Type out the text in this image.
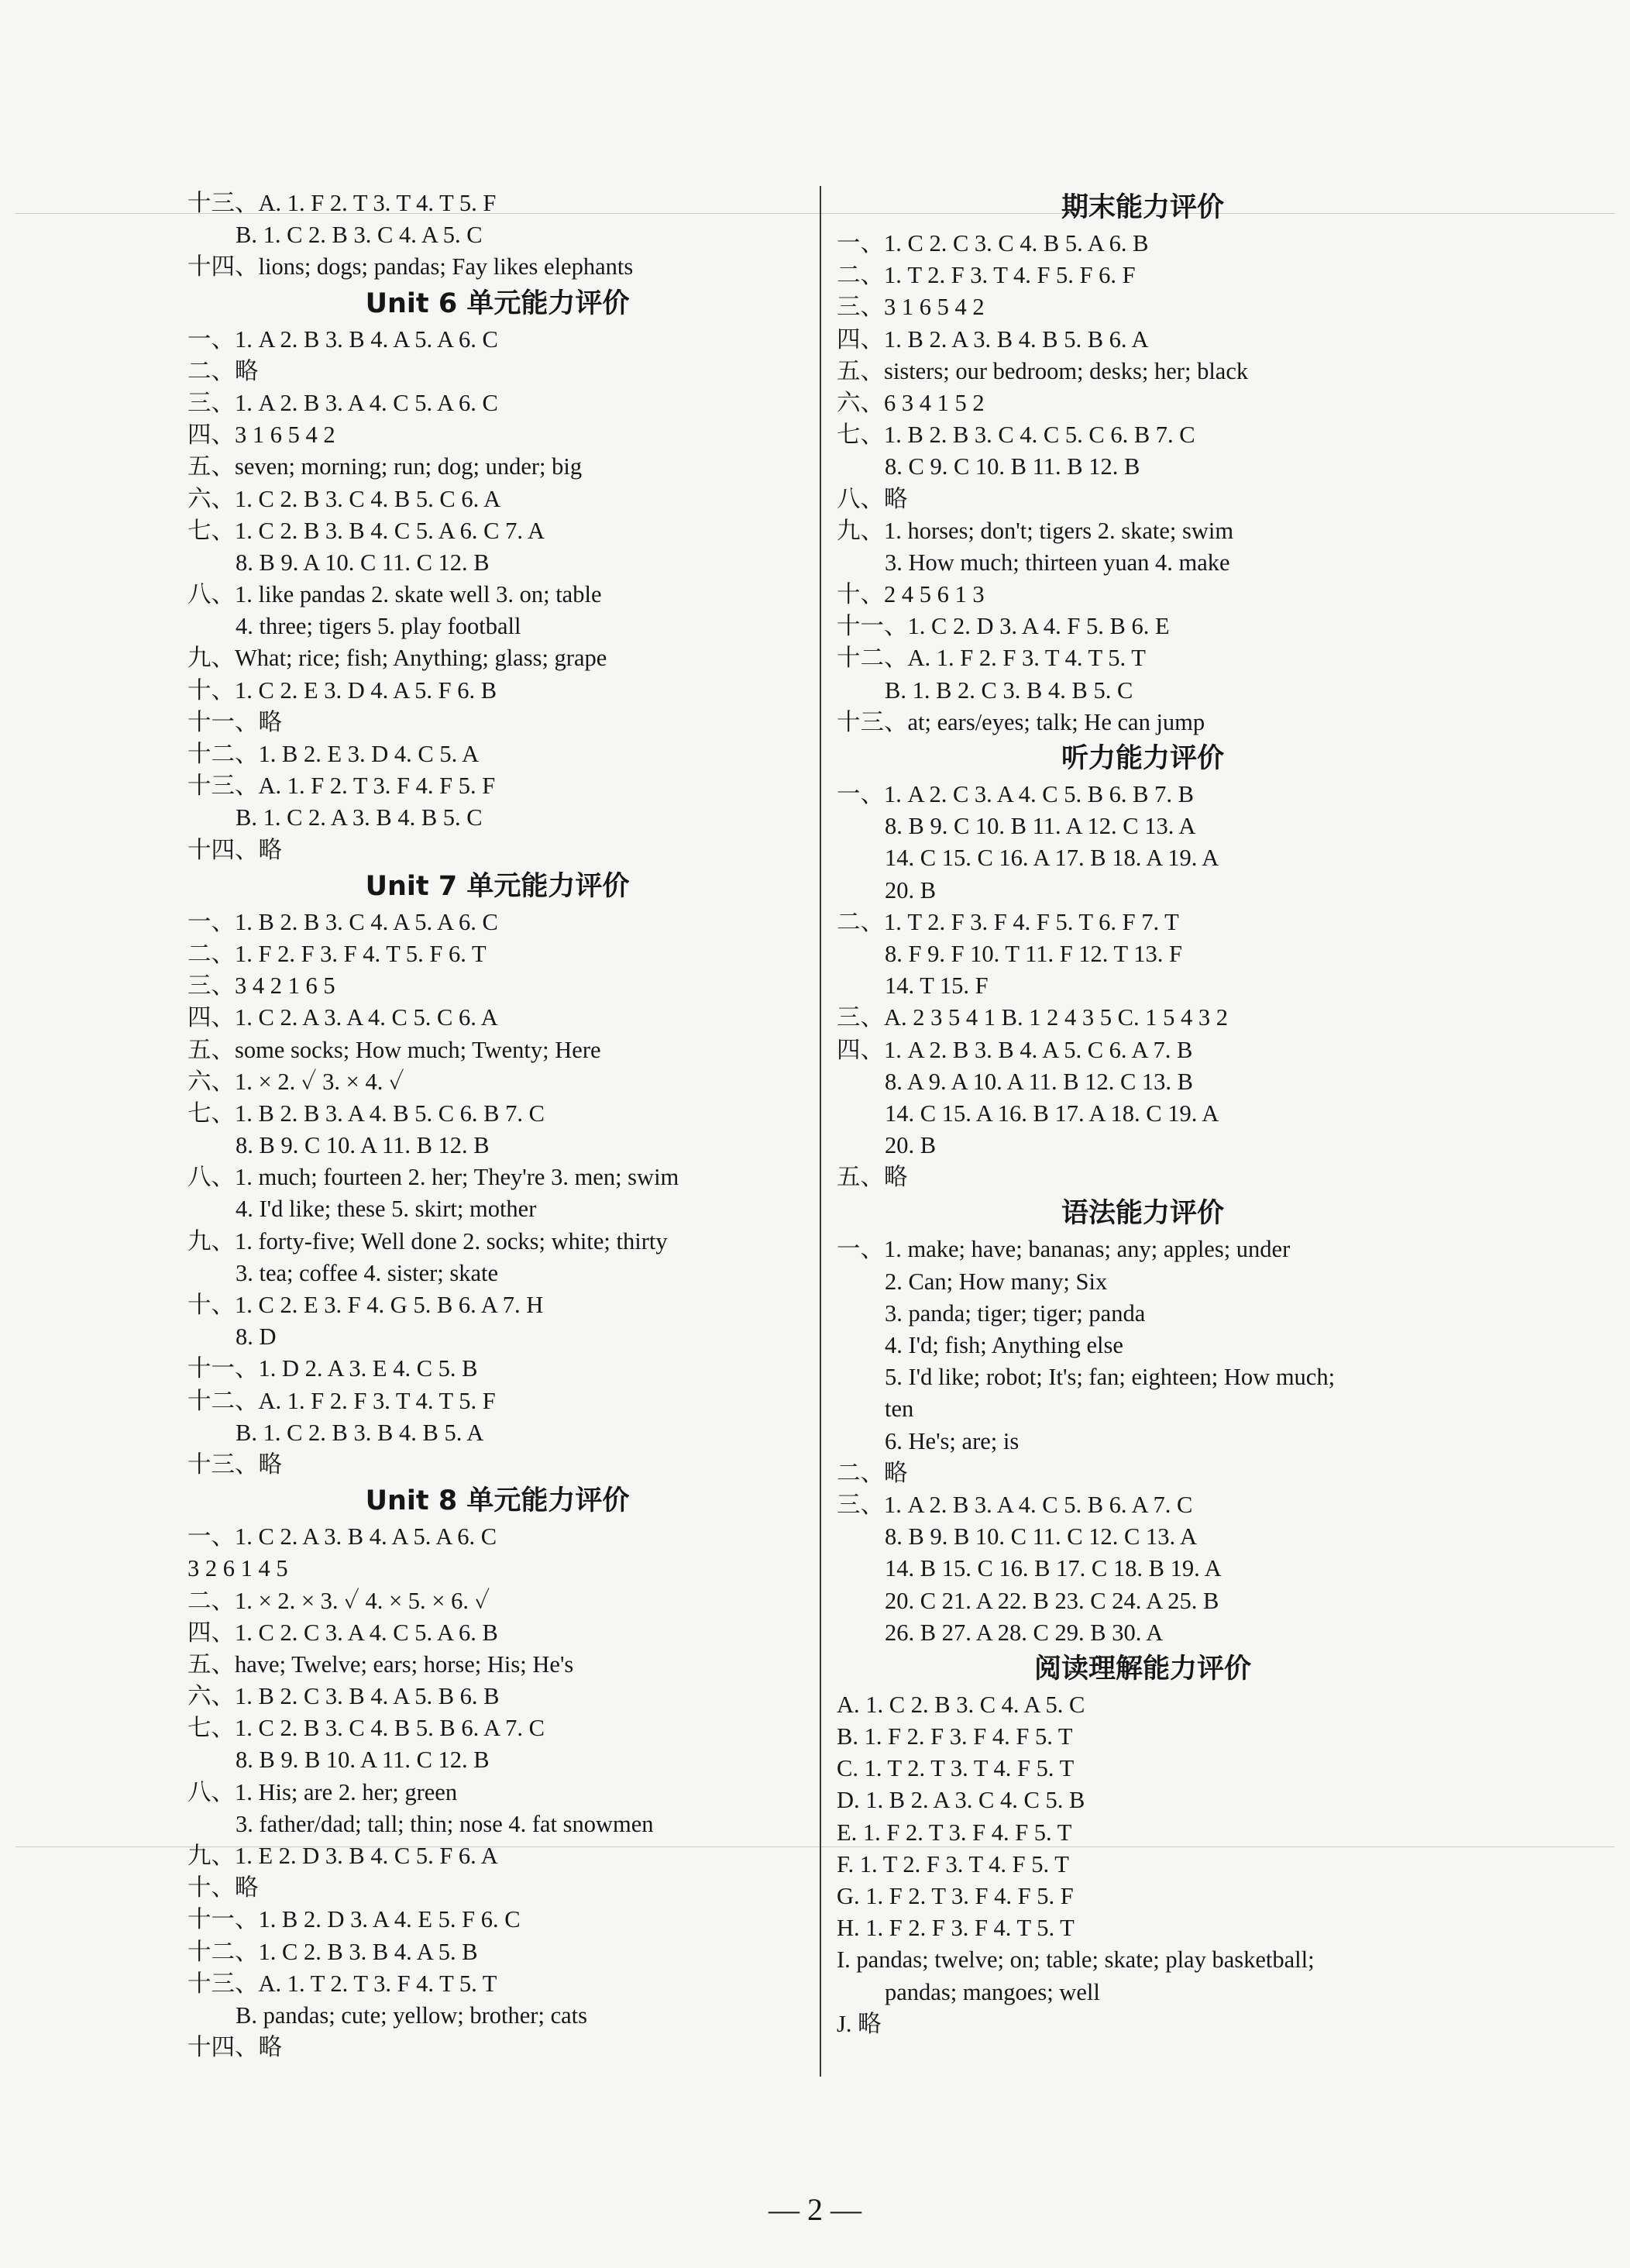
十三、A. 1. F 2. T 3. T 4. T 5. F
B. 1. C 2. B 3. C 4. A 5. C
十四、lions; dogs; pandas; Fay likes elephants
Unit 6 单元能力评价
一、1. A 2. B 3. B 4. A 5. A 6. C
二、略
三、1. A 2. B 3. A 4. C 5. A 6. C
四、3 1 6 5 4 2
五、seven; morning; run; dog; under; big
六、1. C 2. B 3. C 4. B 5. C 6. A
七、1. C 2. B 3. B 4. C 5. A 6. C 7. A
8. B 9. A 10. C 11. C 12. B
八、1. like pandas 2. skate well 3. on; table
4. three; tigers 5. play football
九、What; rice; fish; Anything; glass; grape
十、1. C 2. E 3. D 4. A 5. F 6. B
十一、略
十二、1. B 2. E 3. D 4. C 5. A
十三、A. 1. F 2. T 3. F 4. F 5. F
B. 1. C 2. A 3. B 4. B 5. C
十四、略
Unit 7 单元能力评价
一、1. B 2. B 3. C 4. A 5. A 6. C
二、1. F 2. F 3. F 4. T 5. F 6. T
三、3 4 2 1 6 5
四、1. C 2. A 3. A 4. C 5. C 6. A
五、some socks; How much; Twenty; Here
六、1. × 2. ✓ 3. × 4. ✓
七、1. B 2. B 3. A 4. B 5. C 6. B 7. C
8. B 9. C 10. A 11. B 12. B
八、1. much; fourteen 2. her; They're 3. men; swim
4. I'd like; these 5. skirt; mother
九、1. forty-five; Well done 2. socks; white; thirty
3. tea; coffee 4. sister; skate
十、1. C 2. E 3. F 4. G 5. B 6. A 7. H
8. D
十一、1. D 2. A 3. E 4. C 5. B
十二、A. 1. F 2. F 3. T 4. T 5. F
B. 1. C 2. B 3. B 4. B 5. A
十三、略
Unit 8 单元能力评价
一、1. C 2. A 3. B 4. A 5. A 6. C
3 2 6 1 4 5
二、1. × 2. × 3. ✓ 4. × 5. × 6. ✓
四、1. C 2. C 3. A 4. C 5. A 6. B
五、have; Twelve; ears; horse; His; He's
六、1. B 2. C 3. B 4. A 5. B 6. B
七、1. C 2. B 3. C 4. B 5. B 6. A 7. C
8. B 9. B 10. A 11. C 12. B
八、1. His; are 2. her; green
3. father/dad; tall; thin; nose 4. fat snowmen
九、1. E 2. D 3. B 4. C 5. F 6. A
十、略
十一、1. B 2. D 3. A 4. E 5. F 6. C
十二、1. C 2. B 3. B 4. A 5. B
十三、A. 1. T 2. T 3. F 4. T 5. T
B. pandas; cute; yellow; brother; cats
十四、略
期末能力评价
一、1. C 2. C 3. C 4. B 5. A 6. B
二、1. T 2. F 3. T 4. F 5. F 6. F
三、3 1 6 5 4 2
四、1. B 2. A 3. B 4. B 5. B 6. A
五、sisters; our bedroom; desks; her; black
六、6 3 4 1 5 2
七、1. B 2. B 3. C 4. C 5. C 6. B 7. C
8. C 9. C 10. B 11. B 12. B
八、略
九、1. horses; don't; tigers 2. skate; swim
3. How much; thirteen yuan 4. make
十、2 4 5 6 1 3
十一、1. C 2. D 3. A 4. F 5. B 6. E
十二、A. 1. F 2. F 3. T 4. T 5. T
B. 1. B 2. C 3. B 4. B 5. C
十三、at; ears/eyes; talk; He can jump
听力能力评价
一、1. A 2. C 3. A 4. C 5. B 6. B 7. B
8. B 9. C 10. B 11. A 12. C 13. A
14. C 15. C 16. A 17. B 18. A 19. A
20. B
二、1. T 2. F 3. F 4. F 5. T 6. F 7. T
8. F 9. F 10. T 11. F 12. T 13. F
14. T 15. F
三、A. 2 3 5 4 1 B. 1 2 4 3 5 C. 1 5 4 3 2
四、1. A 2. B 3. B 4. A 5. C 6. A 7. B
8. A 9. A 10. A 11. B 12. C 13. B
14. C 15. A 16. B 17. A 18. C 19. A
20. B
五、略
语法能力评价
一、1. make; have; bananas; any; apples; under
2. Can; How many; Six
3. panda; tiger; tiger; panda
4. I'd; fish; Anything else
5. I'd like; robot; It's; fan; eighteen; How much;
ten
6. He's; are; is
二、略
三、1. A 2. B 3. A 4. C 5. B 6. A 7. C
8. B 9. B 10. C 11. C 12. C 13. A
14. B 15. C 16. B 17. C 18. B 19. A
20. C 21. A 22. B 23. C 24. A 25. B
26. B 27. A 28. C 29. B 30. A
阅读理解能力评价
A. 1. C 2. B 3. C 4. A 5. C
B. 1. F 2. F 3. F 4. F 5. T
C. 1. T 2. T 3. T 4. F 5. T
D. 1. B 2. A 3. C 4. C 5. B
E. 1. F 2. T 3. F 4. F 5. T
F. 1. T 2. F 3. T 4. F 5. T
G. 1. F 2. T 3. F 4. F 5. F
H. 1. F 2. F 3. F 4. T 5. T
I. pandas; twelve; on; table; skate; play basketball;
pandas; mangoes; well
J. 略
— 2 —
